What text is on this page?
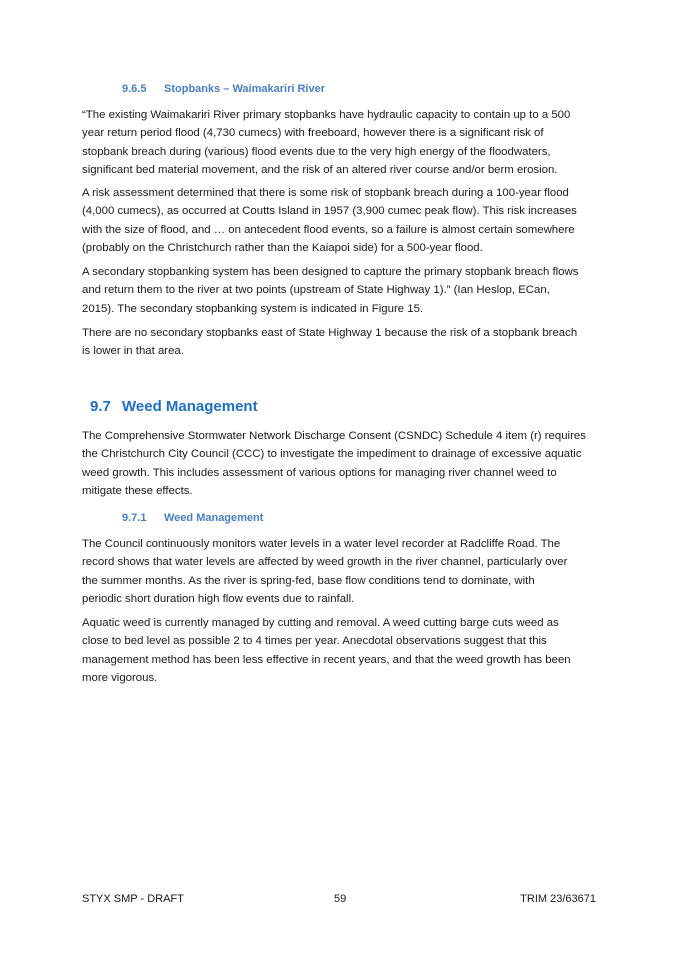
9.6.5 Stopbanks – Waimakariri River
“The existing Waimakariri River primary stopbanks have hydraulic capacity to contain up to a 500
year return period flood (4,730 cumecs) with freeboard, however there is a significant risk of
stopbank breach during (various) flood events due to the very high energy of the floodwaters,
significant bed material movement, and the risk of an altered river course and/or berm erosion.
A risk assessment determined that there is some risk of stopbank breach during a 100-year flood
(4,000 cumecs), as occurred at Coutts Island in 1957 (3,900 cumec peak flow). This risk increases
with the size of flood, and … on antecedent flood events, so a failure is almost certain somewhere
(probably on the Christchurch rather than the Kaiapoi side) for a 500-year flood.
A secondary stopbanking system has been designed to capture the primary stopbank breach flows
and return them to the river at two points (upstream of State Highway 1).” (Ian Heslop, ECan,
2015). The secondary stopbanking system is indicated in Figure 15.
There are no secondary stopbanks east of State Highway 1 because the risk of a stopbank breach
is lower in that area.
9.7 Weed Management
The Comprehensive Stormwater Network Discharge Consent (CSNDC) Schedule 4 item (r) requires
the Christchurch City Council (CCC) to investigate the impediment to drainage of excessive aquatic
weed growth. This includes assessment of various options for managing river channel weed to
mitigate these effects.
9.7.1 Weed Management
The Council continuously monitors water levels in a water level recorder at Radcliffe Road. The
record shows that water levels are affected by weed growth in the river channel, particularly over
the summer months. As the river is spring-fed, base flow conditions tend to dominate, with
periodic short duration high flow events due to rainfall.
Aquatic weed is currently managed by cutting and removal. A weed cutting barge cuts weed as
close to bed level as possible 2 to 4 times per year. Anecdotal observations suggest that this
management method has been less effective in recent years, and that the weed growth has been
more vigorous.
STYX SMP - DRAFT	59	TRIM 23/63671
